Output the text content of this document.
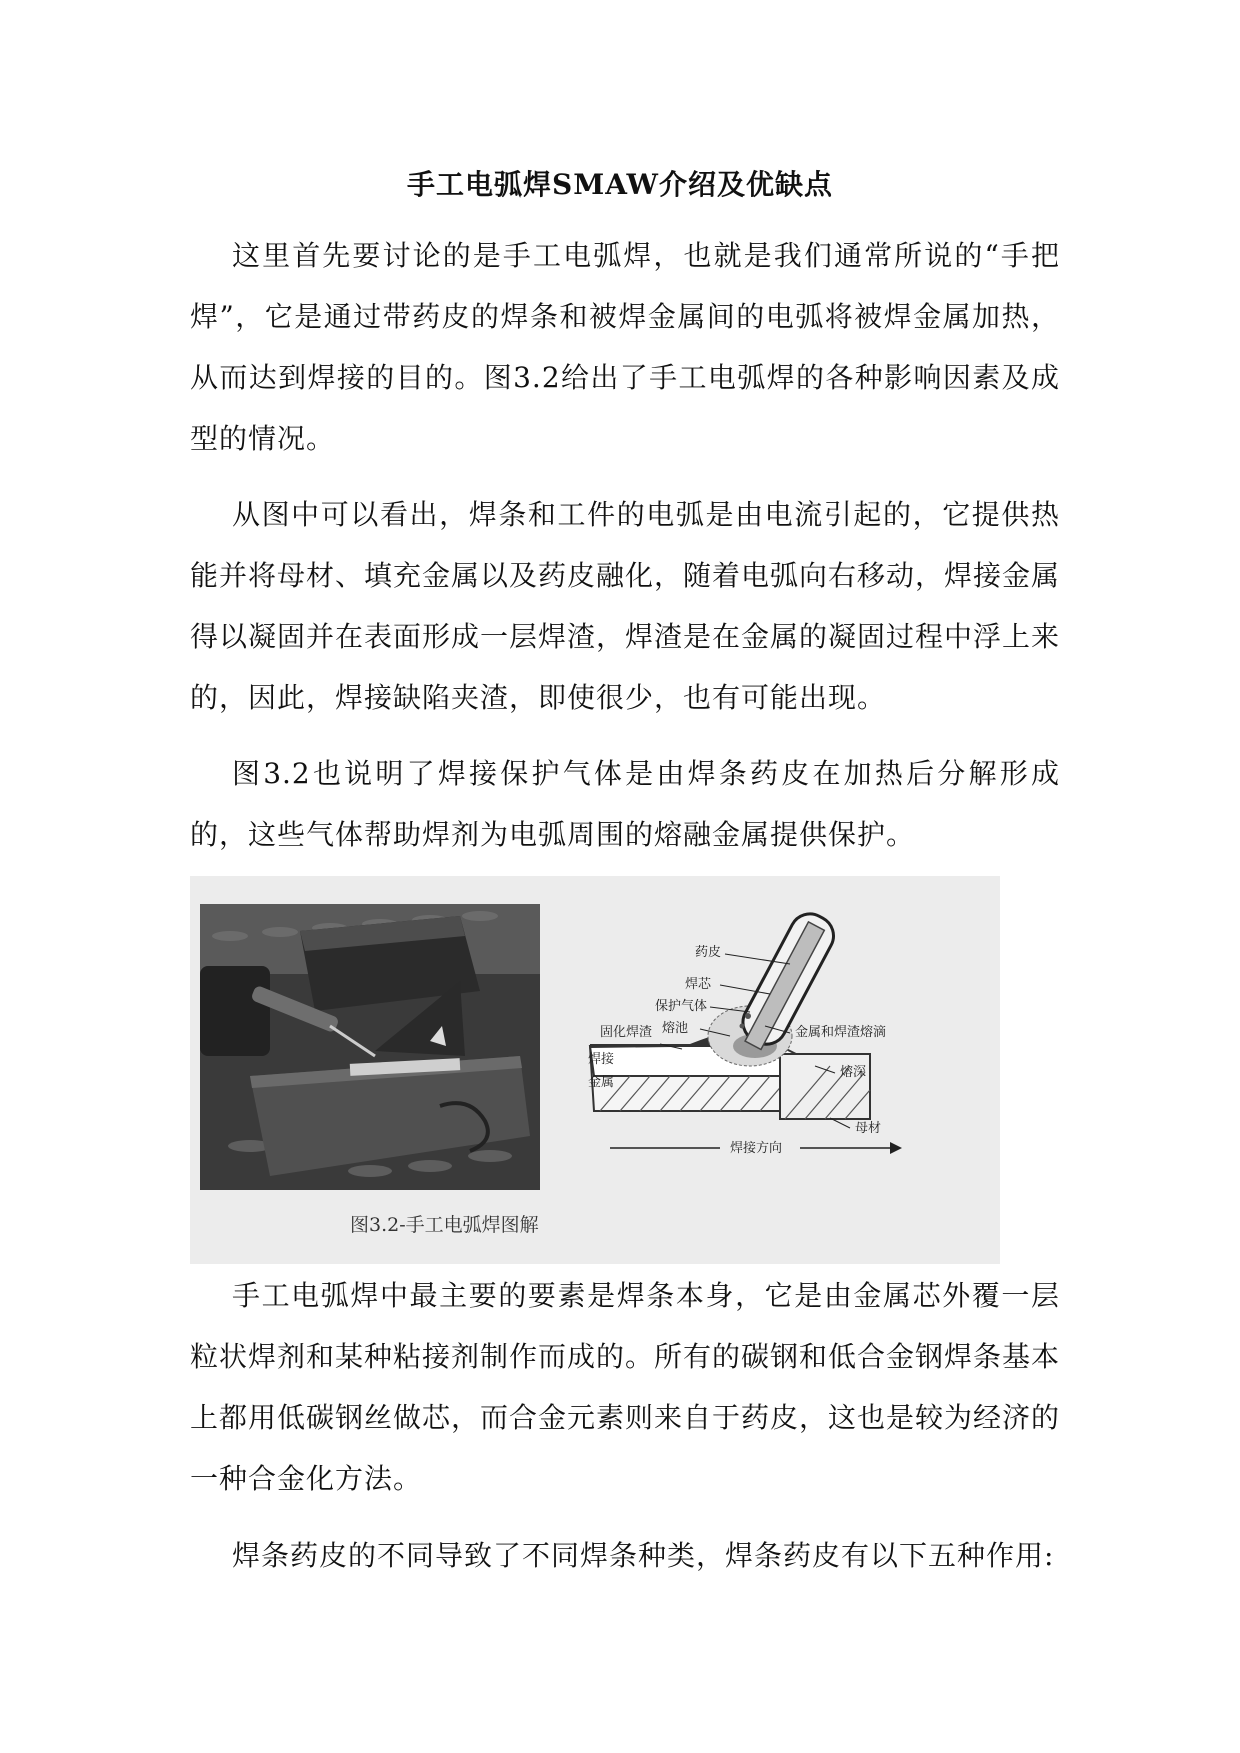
手工电弧焊SMAW介绍及优缺点

这里首先要讨论的是手工电弧焊，也就是我们通常所说的“手把焊”，它是通过带药皮的焊条和被焊金属间的电弧将被焊金属加热，从而达到焊接的目的。图3.2给出了手工电弧焊的各种影响因素及成型的情况。

从图中可以看出，焊条和工件的电弧是由电流引起的，它提供热能并将母材、填充金属以及药皮融化，随着电弧向右移动，焊接金属得以凝固并在表面形成一层焊渣，焊渣是在金属的凝固过程中浮上来的，因此，焊接缺陷夹渣，即使很少，也有可能出现。

图3.2也说明了焊接保护气体是由焊条药皮在加热后分解形成的，这些气体帮助焊剂为电弧周围的熔融金属提供保护。

药皮
焊芯
保护气体
熔池
固化焊渣
焊接
金属
金属和焊渣熔滴
熔深
母材
焊接方向
图3.2-手工电弧焊图解

手工电弧焊中最主要的要素是焊条本身，它是由金属芯外覆一层粒状焊剂和某种粘接剂制作而成的。所有的碳钢和低合金钢焊条基本上都用低碳钢丝做芯，而合金元素则来自于药皮，这也是较为经济的一种合金化方法。

焊条药皮的不同导致了不同焊条种类，焊条药皮有以下五种作用:
